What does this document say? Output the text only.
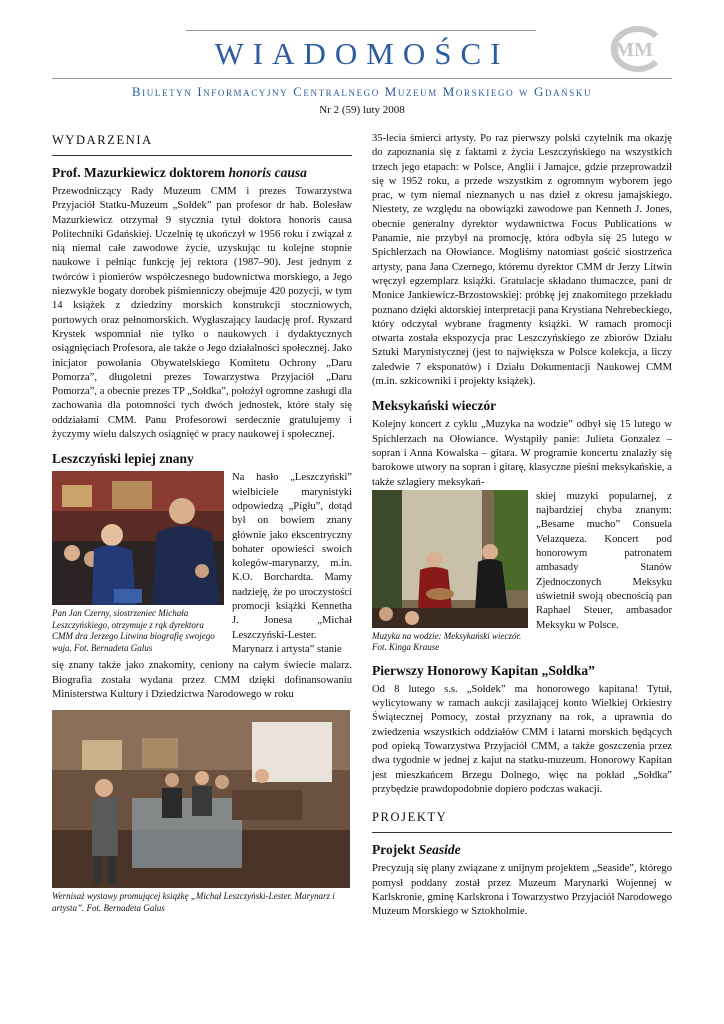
WIADOMOŚCI	MM
Biuletyn Informacyjny Centralnego Muzeum Morskiego w Gdańsku
Nr 2 (59) luty 2008
WYDARZENIA
Prof. Mazurkiewicz doktorem honoris causa

Przewodniczący Rady Muzeum CMM i prezes Towarzystwa Przyjaciół Statku-Muzeum „Sołdek” pan profesor dr hab. Bolesław Mazurkiewicz otrzymał 9 stycznia tytuł doktora honoris causa Politechniki Gdańskiej. Uczelnię tę ukończył w 1956 roku i związał z nią niemal całe zawodowe życie, uzyskując tu kolejne stopnie naukowe i pełniąc funkcję jej rektora (1987–90). Jest jednym z twórców i pionierów współczesnego budownictwa morskiego, a Jego niezwykle bogaty dorobek piśmienniczy obejmuje 420 pozycji, w tym 14 książek z dziedziny morskich konstrukcji stoczniowych, portowych oraz pełnomorskich. Wygłaszający laudację prof. Ryszard Krystek wspomniał nie tylko o naukowych i dydaktycznych osiągnięciach Profesora, ale także o Jego działalności społecznej. Jako inicjator powołania Obywatelskiego Komitetu Ochrony „Daru Pomorza”, długoletni prezes Towarzystwa Przyjaciół „Daru Pomorza”, a obecnie prezes TP „Sołdka”, położył ogromne zasługi dla zachowania dla potomności tych dwóch jednostek, które stały się oddziałami CMM. Panu Profesorowi serdecznie gratulujemy i życzymy wielu dalszych osiągnięć w pracy naukowej i społecznej.

Leszczyński lepiej znany
Pan Jan Czerny, siostrzeniec Michała Leszczyńskiego, otrzymuje z rąk dyrektora CMM dra Jerzego Litwina biografię swojego wuja. Fot. Bernadeta Galus
Na hasło „Leszczyński” wielbiciele marynistyki odpowiedzą „Pigłu”, dotąd był on bowiem znany głównie jako ekscentryczny bohater opowieści swoich kolegów-marynarzy, m.in. K.O. Borchardta. Mamy nadzieję, że po uroczystości promocji książki Kennetha J. Jonesa „Michał Leszczyński-Lester. Marynarz i artysta” stanie

się znany także jako znakomity, ceniony na całym świecie malarz. Biografia została wydana przez CMM dzięki dofinansowaniu Ministerstwa Kultury i Dziedzictwa Narodowego w roku

Wernisaż wystawy promującej książkę „Michał Leszczyński-Lester. Marynarz i artysta”. Fot. Bernadeta Galus

35-lecia śmierci artysty. Po raz pierwszy polski czytelnik ma okazję do zapoznania się z faktami z życia Leszczyńskiego na wszystkich trzech jego etapach: w Polsce, Anglii i Jamajce, gdzie przeprowadził się w 1952 roku, a przede wszystkim z ogromnym wyborem jego prac, w tym niemal nieznanych u nas dzieł z okresu jamajskiego. Niestety, ze względu na obowiązki zawodowe pan Kenneth J. Jones, obecnie generalny dyrektor wydawnictwa Focus Publications w Panamie, nie przybył na promocję, która odbyła się 25 lutego w Spichlerzach na Ołowiance. Mogliśmy natomiast gościć siostrzeńca artysty, pana Jana Czernego, któremu dyrektor CMM dr Jerzy Litwin wręczył egzemplarz książki. Gratulacje składano tłumaczce, pani dr Monice Jankiewicz-Brzostowskiej: próbkę jej znakomitego przekładu poznano dzięki aktorskiej interpretacji pana Krystiana Nehrebeckiego, który odczytał wybrane fragmenty książki. W ramach promocji otwarta została ekspozycja prac Leszczyńskiego ze zbiorów Działu Sztuki Marynistycznej (jest to największa w Polsce kolekcja, a liczy zaledwie 7 eksponatów) i Działu Dokumentacji Naukowej CMM (m.in. szkicowniki i projekty książek).

Meksykański wieczór

Kolejny koncert z cyklu „Muzyka na wodzie” odbył się 15 lutego w Spichlerzach na Ołowiance. Wystąpiły panie: Julieta Gonzalez – sopran i Anna Kowalska – gitara. W programie koncertu znalazły się barokowe utwory na sopran i gitarę, klasyczne pieśni meksykańskie, a także szlagiery meksykań-

Muzyka na wodzie: Meksykański wieczór. Fot. Kinga Krause
skiej muzyki popularnej, z najbardziej chyba znanym: „Besame mucho” Consuela Velazqueza. Koncert pod honorowym patronatem ambasady Stanów Zjednoczonych Meksyku uświetnił swoją obecnością pan Raphael Steuer, ambasador Meksyku w Polsce.
Pierwszy Honorowy Kapitan „Sołdka”

Od 8 lutego s.s. „Sołdek” ma honorowego kapitana! Tytuł, wylicytowany w ramach aukcji zasilającej konto Wielkiej Orkiestry Świątecznej Pomocy, został przyznany na rok, a uprawnia do zwiedzenia wszystkich oddziałów CMM i latarni morskich będących pod opieką Towarzystwa Przyjaciół CMM, a także goszczenia przez dwa tygodnie w jednej z kajut na statku-muzeum. Honorowy Kapitan jest mieszkańcem Brzegu Dolnego, więc na pokład „Sołdka” przybędzie prawdopodobnie dopiero podczas wakacji.

PROJEKTY
Projekt Seaside

Precyzują się plany związane z unijnym projektem „Seaside”, którego pomysł poddany został przez Muzeum Marynarki Wojennej w Karlskronie, gminę Karlskrona i Towarzystwo Przyjaciół Narodowego Muzeum Morskiego w Sztokholmie.
